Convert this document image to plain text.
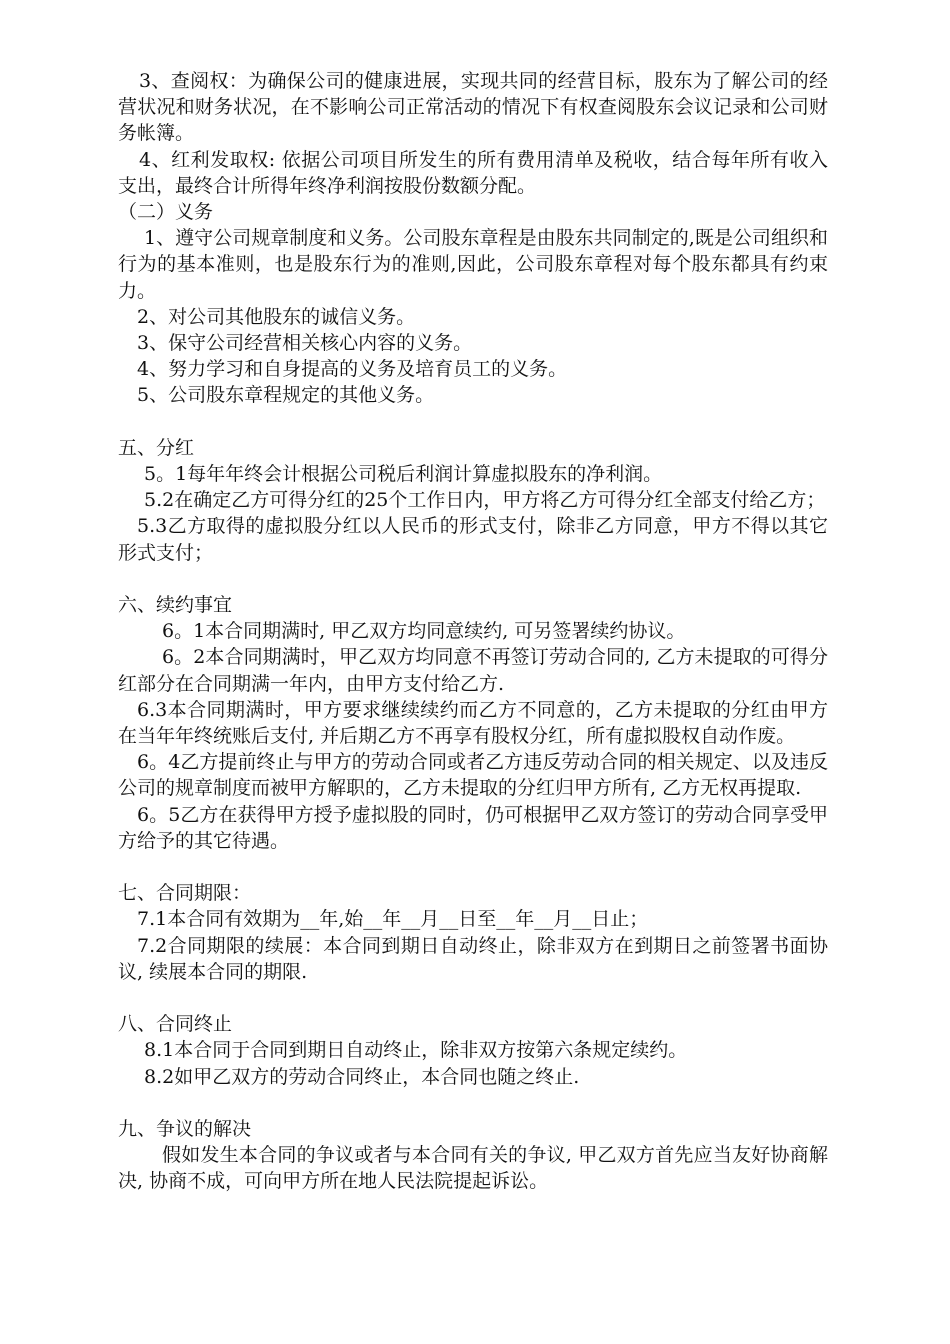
3、查阅权：为确保公司的健康进展，实现共同的经营目标，股东为了解公司的经营状况和财务状况，在不影响公司正常活动的情况下有权查阅股东会议记录和公司财务帐簿。

4、红利发取权: 依据公司项目所发生的所有费用清单及税收，结合每年所有收入支出，最终合计所得年终净利润按股份数额分配。

（二）义务

1、遵守公司规章制度和义务。公司股东章程是由股东共同制定的,既是公司组织和行为的基本准则，也是股东行为的准则,因此，公司股东章程对每个股东都具有约束力。

2、对公司其他股东的诚信义务。

3、保守公司经营相关核心内容的义务。

4、努力学习和自身提高的义务及培育员工的义务。

5、公司股东章程规定的其他义务。

五、分红

5。1每年年终会计根据公司税后利润计算虚拟股东的净利润。

5.2在确定乙方可得分红的25个工作日内，甲方将乙方可得分红全部支付给乙方；

5.3乙方取得的虚拟股分红以人民币的形式支付，除非乙方同意，甲方不得以其它形式支付；

六、续约事宜

6。1本合同期满时, 甲乙双方均同意续约, 可另签署续约协议。

6。2本合同期满时，甲乙双方均同意不再签订劳动合同的, 乙方未提取的可得分红部分在合同期满一年内，由甲方支付给乙方.

6.3本合同期满时，甲方要求继续续约而乙方不同意的，乙方未提取的分红由甲方在当年年终统账后支付, 并后期乙方不再享有股权分红，所有虚拟股权自动作废。

6。4乙方提前终止与甲方的劳动合同或者乙方违反劳动合同的相关规定、以及违反公司的规章制度而被甲方解职的，乙方未提取的分红归甲方所有, 乙方无权再提取.

6。5乙方在获得甲方授予虚拟股的同时，仍可根据甲乙双方签订的劳动合同享受甲方给予的其它待遇。

七、合同期限：

7.1本合同有效期为__年,始__年__月__日至__年__月__日止；

7.2合同期限的续展：本合同到期日自动终止，除非双方在到期日之前签署书面协议, 续展本合同的期限.

八、合同终止

8.1本合同于合同到期日自动终止，除非双方按第六条规定续约。

8.2如甲乙双方的劳动合同终止，本合同也随之终止.

九、争议的解决

假如发生本合同的争议或者与本合同有关的争议, 甲乙双方首先应当友好协商解决, 协商不成，可向甲方所在地人民法院提起诉讼。
